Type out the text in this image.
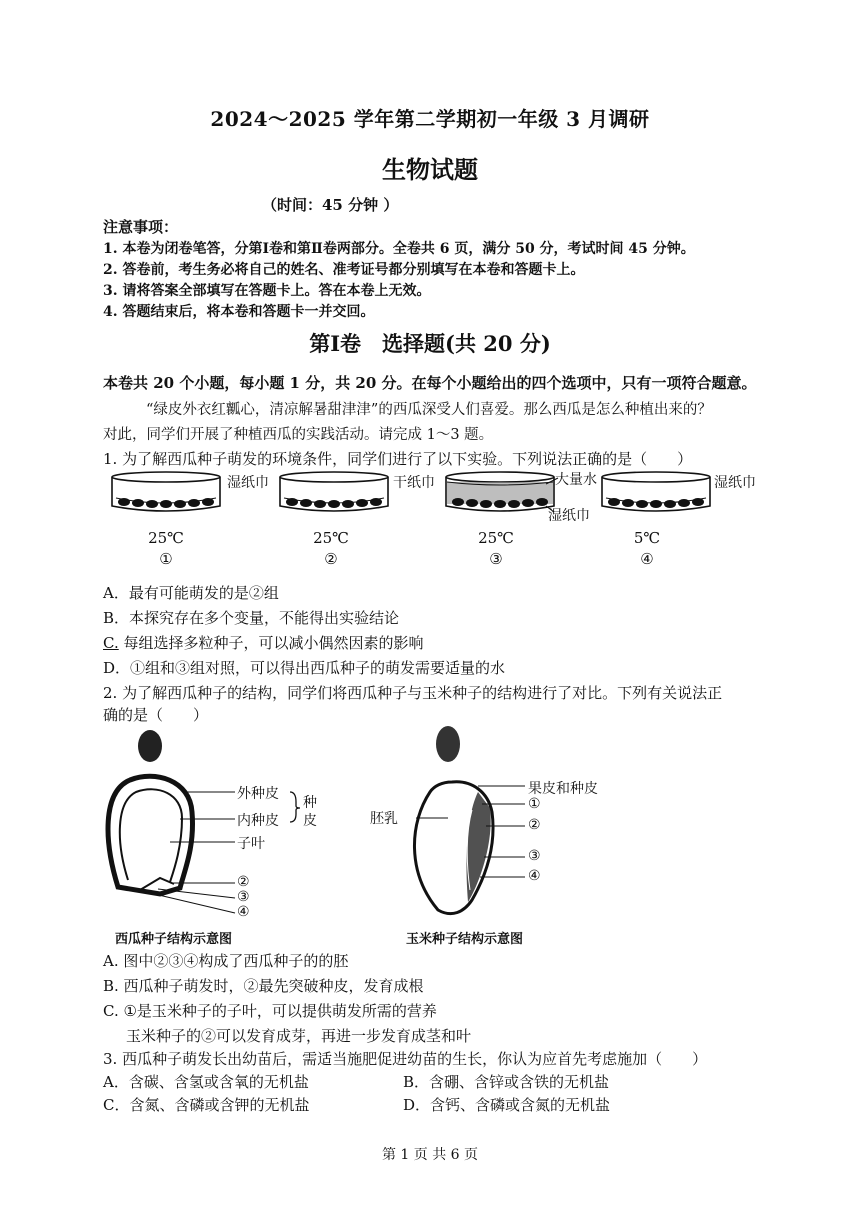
2024～2025 学年第二学期初一年级 3 月调研
生物试题
（时间：45 分钟 ）
注意事项：
1. 本卷为闭卷笔答，分第Ⅰ卷和第Ⅱ卷两部分。全卷共 6 页，满分 50 分，考试时间 45 分钟。
2. 答卷前，考生务必将自己的姓名、准考证号都分别填写在本卷和答题卡上。
3. 请将答案全部填写在答题卡上。答在本卷上无效。
4. 答题结束后，将本卷和答题卡一并交回。
第Ⅰ卷　选择题(共 20 分)
本卷共 20 个小题，每小题 1 分，共 20 分。在每个小题给出的四个选项中，只有一项符合题意。
“绿皮外衣红瓤心，清凉解暑甜津津”的西瓜深受人们喜爱。那么西瓜是怎么种植出来的？
对此，同学们开展了种植西瓜的实践活动。请完成 1～3 题。
1. 为了解西瓜种子萌发的环境条件，同学们进行了以下实验。下列说法正确的是（　　）
湿纸巾	干纸巾	大量水
湿纸巾
湿纸巾
25℃	25℃	25℃	5℃
①	②	③	④
A．最有可能萌发的是②组
B．本探究存在多个变量，不能得出实验结论
C. 每组选择多粒种子，可以减小偶然因素的影响
D．①组和③组对照，可以得出西瓜种子的萌发需要适量的水
2. 为了解西瓜种子的结构，同学们将西瓜种子与玉米种子的结构进行了对比。下列有关说法正
确的是（　　）
外种皮
内种皮
种
皮
子叶
②
③
④
西瓜种子结构示意图
果皮和种皮
胚乳
①
②
③
④
玉米种子结构示意图
A. 图中②③④构成了西瓜种子的的胚
B. 西瓜种子萌发时，②最先突破种皮，发育成根
C. ①是玉米种子的子叶，可以提供萌发所需的营养
玉米种子的②可以发育成芽，再进一步发育成茎和叶
3. 西瓜种子萌发长出幼苗后，需适当施肥促进幼苗的生长，你认为应首先考虑施加（　　）
A．含碳、含氢或含氧的无机盐	B．含硼、含锌或含铁的无机盐
C．含氮、含磷或含钾的无机盐	D．含钙、含磷或含氮的无机盐
第 1 页 共 6 页
